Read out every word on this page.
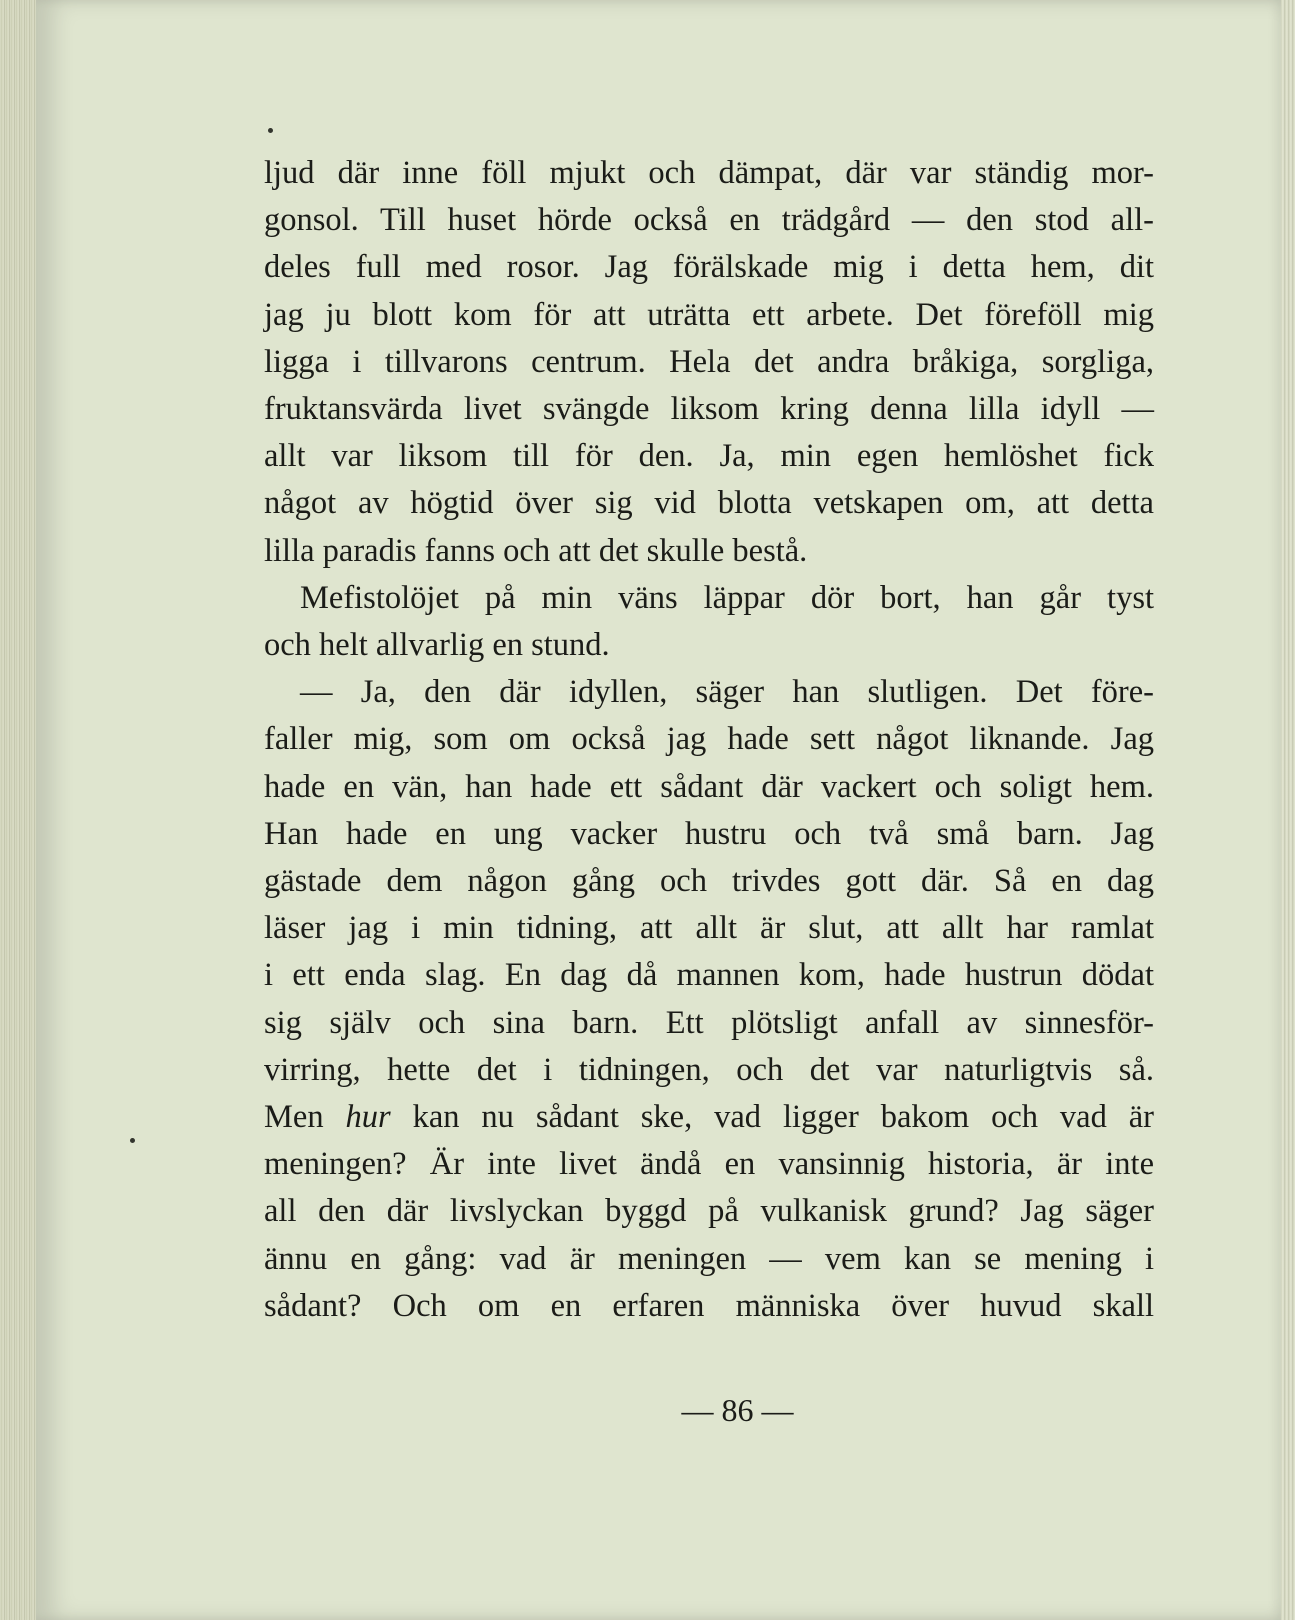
ljud där inne föll mjukt och dämpat, där var ständig mor-
gonsol. Till huset hörde också en trädgård — den stod all-
deles full med rosor. Jag förälskade mig i detta hem, dit
jag ju blott kom för att uträtta ett arbete. Det föreföll mig
ligga i tillvarons centrum. Hela det andra bråkiga, sorgliga,
fruktansvärda livet svängde liksom kring denna lilla idyll —
allt var liksom till för den. Ja, min egen hemlöshet fick
något av högtid över sig vid blotta vetskapen om, att detta
lilla paradis fanns och att det skulle bestå.

Mefistolöjet på min väns läppar dör bort, han går tyst
och helt allvarlig en stund.

— Ja, den där idyllen, säger han slutligen. Det före-
faller mig, som om också jag hade sett något liknande. Jag
hade en vän, han hade ett sådant där vackert och soligt hem.
Han hade en ung vacker hustru och två små barn. Jag
gästade dem någon gång och trivdes gott där. Så en dag
läser jag i min tidning, att allt är slut, att allt har ramlat
i ett enda slag. En dag då mannen kom, hade hustrun dödat
sig själv och sina barn. Ett plötsligt anfall av sinnesför-
virring, hette det i tidningen, och det var naturligtvis så.
Men hur kan nu sådant ske, vad ligger bakom och vad är
meningen? Är inte livet ändå en vansinnig historia, är inte
all den där livslyckan byggd på vulkanisk grund? Jag säger
ännu en gång: vad är meningen — vem kan se mening i
sådant? Och om en erfaren människa över huvud skall

— 86 —
